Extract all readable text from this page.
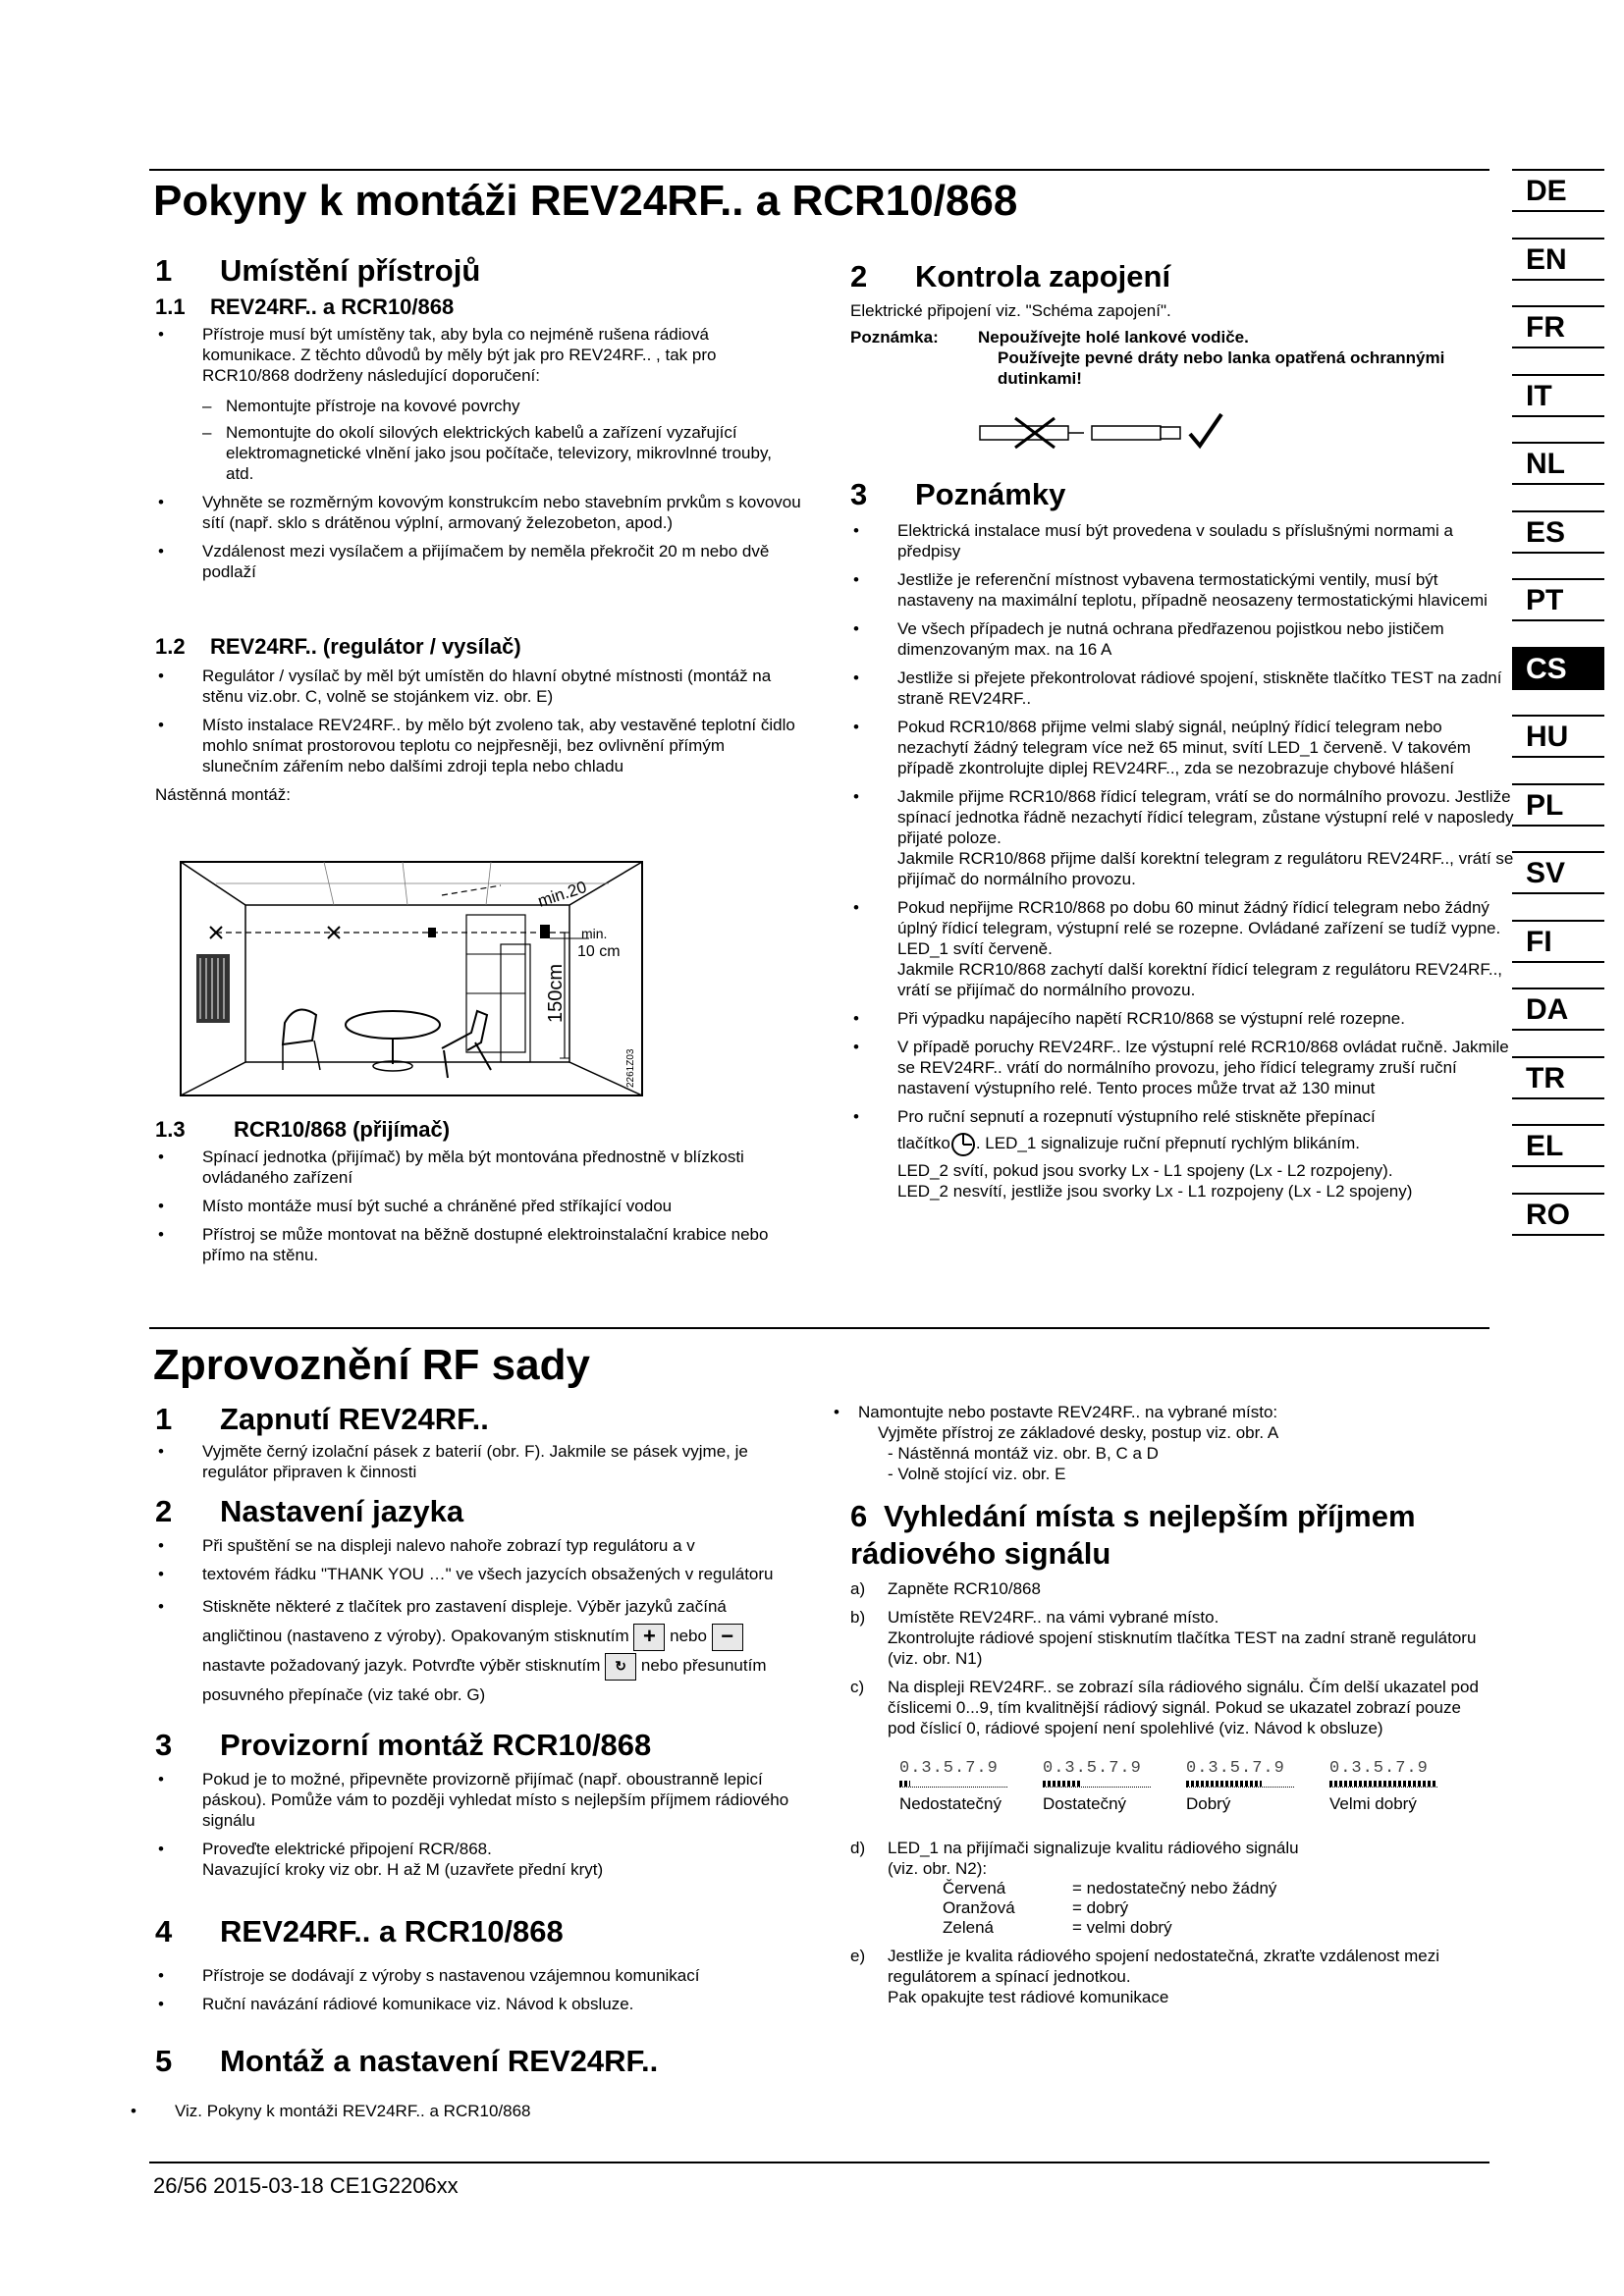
DE
EN
FR
IT
NL
ES
PT
CS
HU
PL
SV
FI
DA
TR
EL
RO
Pokyny k montáži REV24RF.. a RCR10/868
1 Umístění přístrojů
1.1 REV24RF.. a RCR10/868
• Přístroje musí být umístěny tak, aby byla co nejméně rušena rádiová komunikace. Z těchto důvodů by měly být jak pro REV24RF.. , tak pro RCR10/868 dodrženy následující doporučení:
– Nemontujte přístroje na kovové povrchy
– Nemontujte do okolí silových elektrických kabelů a zařízení vyzařující elektromagnetické vlnění jako jsou počítače, televizory, mikrovlnné trouby, atd.
• Vyhněte se rozměrným kovovým konstrukcím nebo stavebním prvkům s kovovou sítí (např. sklo s drátěnou výplní, armovaný železobeton, apod.)
• Vzdálenost mezi vysílačem a přijímačem by neměla překročit 20 m nebo dvě podlaží
1.2 REV24RF.. (regulátor / vysílač)
• Regulátor / vysílač by měl být umístěn do hlavní obytné místnosti (montáž na stěnu viz.obr. C, volně se stojánkem viz. obr. E)
• Místo instalace REV24RF.. by mělo být zvoleno tak, aby vestavěné teplotní čidlo mohlo snímat prostorovou teplotu co nejpřesněji, bez ovlivnění přímým slunečním zářením nebo dalšími zdroji tepla nebo chladu
Nástěnná montáž:
150cm
min.20
min.
10 cm
2261Z03
1.3 RCR10/868 (přijímač)
• Spínací jednotka (přijímač) by měla být montována přednostně v blízkosti ovládaného zařízení
• Místo montáže musí být suché a chráněné před stříkající vodou
• Přístroj se může montovat na běžně dostupné elektroinstalační krabice nebo přímo na stěnu.
2 Kontrola zapojení
Elektrické připojení viz. "Schéma zapojení".
Poznámka: Nepoužívejte holé lankové vodiče.
Používejte pevné dráty nebo lanka opatřená ochrannými dutinkami!
3 Poznámky
• Elektrická instalace musí být provedena v souladu s příslušnými normami a předpisy
• Jestliže je referenční místnost vybavena termostatickými ventily, musí být nastaveny na maximální teplotu, případně neosazeny termostatickými hlavicemi
• Ve všech případech je nutná ochrana předřazenou pojistkou nebo jističem dimenzovaným max. na 16 A
• Jestliže si přejete překontrolovat rádiové spojení, stiskněte tlačítko TEST na zadní straně REV24RF..
• Pokud RCR10/868 přijme velmi slabý signál, neúplný řídicí telegram nebo nezachytí žádný telegram více než 65 minut, svítí LED_1 červeně. V takovém případě zkontrolujte diplej REV24RF.., zda se nezobrazuje chybové hlášení
• Jakmile přijme RCR10/868 řídicí telegram, vrátí se do normálního provozu. Jestliže spínací jednotka řádně nezachytí řídicí telegram, zůstane výstupní relé v naposledy přijaté poloze.
Jakmile RCR10/868 přijme další korektní telegram z regulátoru REV24RF.., vrátí se přijímač do normálního provozu.
• Pokud nepřijme RCR10/868 po dobu 60 minut žádný řídicí telegram nebo žádný úplný řídicí telegram, výstupní relé se rozepne. Ovládané zařízení se tudíž vypne. LED_1 svítí červeně.
Jakmile RCR10/868 zachytí další korektní řídicí telegram z regulátoru REV24RF.., vrátí se přijímač do normálního provozu.
• Při výpadku napájecího napětí RCR10/868 se výstupní relé rozepne.
• V případě poruchy REV24RF.. lze výstupní relé RCR10/868 ovládat ručně. Jakmile se REV24RF.. vrátí do normálního provozu, jeho řídicí telegramy zruší ruční nastavení výstupního relé. Tento proces může trvat až 130 minut
• Pro ruční sepnutí a rozepnutí výstupního relé stiskněte přepínací
tlačítko . LED_1 signalizuje ruční přepnutí rychlým blikáním.
LED_2 svítí, pokud jsou svorky Lx - L1 spojeny (Lx - L2 rozpojeny).
LED_2 nesvítí, jestliže jsou svorky Lx - L1 rozpojeny (Lx - L2 spojeny)
Zprovoznění RF sady
1 Zapnutí REV24RF..
• Vyjměte černý izolační pásek z baterií (obr. F). Jakmile se pásek vyjme, je regulátor připraven k činnosti
2 Nastavení jazyka
• Při spuštění se na displeji nalevo nahoře zobrazí typ regulátoru a v
• textovém řádku "THANK YOU …" ve všech jazycích obsažených v regulátoru
• Stiskněte některé z tlačítek pro zastavení displeje. Výběr jazyků začíná angličtinou (nastaveno z výroby). Opakovaným stisknutím + nebo − nastavte požadovaný jazyk. Potvrďte výběr stisknutím ↻ nebo přesunutím posuvného přepínače (viz také obr. G)
3 Provizorní montáž RCR10/868
• Pokud je to možné, připevněte provizorně přijímač (např. oboustranně lepicí páskou). Pomůže vám to později vyhledat místo s nejlepším příjmem rádiového signálu
• Proveďte elektrické připojení RCR/868.
Navazující kroky viz obr. H až M (uzavřete přední kryt)
4 REV24RF.. a RCR10/868
• Přístroje se dodávají z výroby s nastavenou vzájemnou komunikací
• Ruční navázání rádiové komunikace viz. Návod k obsluze.
5 Montáž a nastavení REV24RF..
• Viz. Pokyny k montáži REV24RF.. a RCR10/868
• Namontujte nebo postavte REV24RF.. na vybrané místo:
Vyjměte přístroj ze základové desky, postup viz. obr. A
- Nástěnná montáž viz. obr. B, C a D
- Volně stojící viz. obr. E
6 Vyhledání místa s nejlepším příjmem rádiového signálu
a) Zapněte RCR10/868
b) Umístěte REV24RF.. na vámi vybrané místo.
Zkontrolujte rádiové spojení stisknutím tlačítka TEST na zadní straně regulátoru (viz. obr. N1)
c) Na displeji REV24RF.. se zobrazí síla rádiového signálu. Čím delší ukazatel pod číslicemi 0...9, tím kvalitnější rádiový signál. Pokud se ukazatel zobrazí pouze pod číslicí 0, rádiové spojení není spolehlivé (viz. Návod k obsluze)
0.3.5.7.9
Nedostatečný
0.3.5.7.9
Dostatečný
0.3.5.7.9
Dobrý
0.3.5.7.9
Velmi dobrý
d) LED_1 na přijímači signalizuje kvalitu rádiového signálu
(viz. obr. N2):
Červená	= nedostatečný nebo žádný
Oranžová	= dobrý
Zelená	= velmi dobrý
e) Jestliže je kvalita rádiového spojení nedostatečná, zkraťte vzdálenost mezi regulátorem a spínací jednotkou.
Pak opakujte test rádiové komunikace
26/56 2015-03-18 CE1G2206xx
